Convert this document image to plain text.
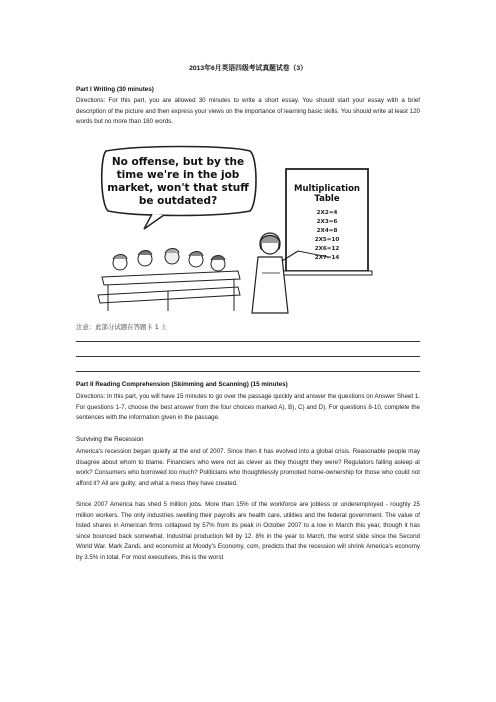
2013年6月英语四级考试真题试卷（3）
Part I Writing (30 minutes)
Directions: For this part, you are allowed 30 minutes to write a short essay. You should start your essay with a brief description of the picture and then express your views on the importance of learning basic skills. You should write at least 120 words but no more than 180 words.
No offense, but by the
time we're in the job
market, won't that stuff
be outdated?
Multiplication
Table
2X2=4
2X3=6
2X4=8
2X5=10
2X6=12
2X7=14
注意：此部分试题在答题卡 1 上
Part II Reading Comprehension (Skimming and Scanning) (15 minutes)
Directions: In this part, you will have 15 minutes to go over the passage quickly and answer the questions on Answer Sheet 1. For questions 1-7, choose the best answer from the four choices marked A), B), C) and D). For questions 8-10, complete the sentences with the information given in the passage.
Surviving the Recession
America's recession began quietly at the end of 2007. Since then it has evolved into a global crisis. Reasonable people may disagree about whom to blame. Financiers who were not as clever as they thought they were? Regulators falling asleep at work? Consumers who borrowed too much? Politicians who thoughtlessly promoted home-ownership for those who could not afford it? All are guilty; and what a mess they have created.
Since 2007 America has shed 5 million jobs. More than 15% of the workforce are jobless or underemployed - roughly 25 million workers. The only industries swelling their payrolls are health care, utilities and the federal government. The value of listed shares in American firms collapsed by 57% from its peak in October 2007 to a low in March this year, though it has since bounced back somewhat. Industrial production fell by 12. 8% in the year to March, the worst slide since the Second World War. Mark Zandi, and economist at Moody's Economy, com, predicts that the recession will shrink America's economy by 3.5% in total. For most executives, this is the worst
